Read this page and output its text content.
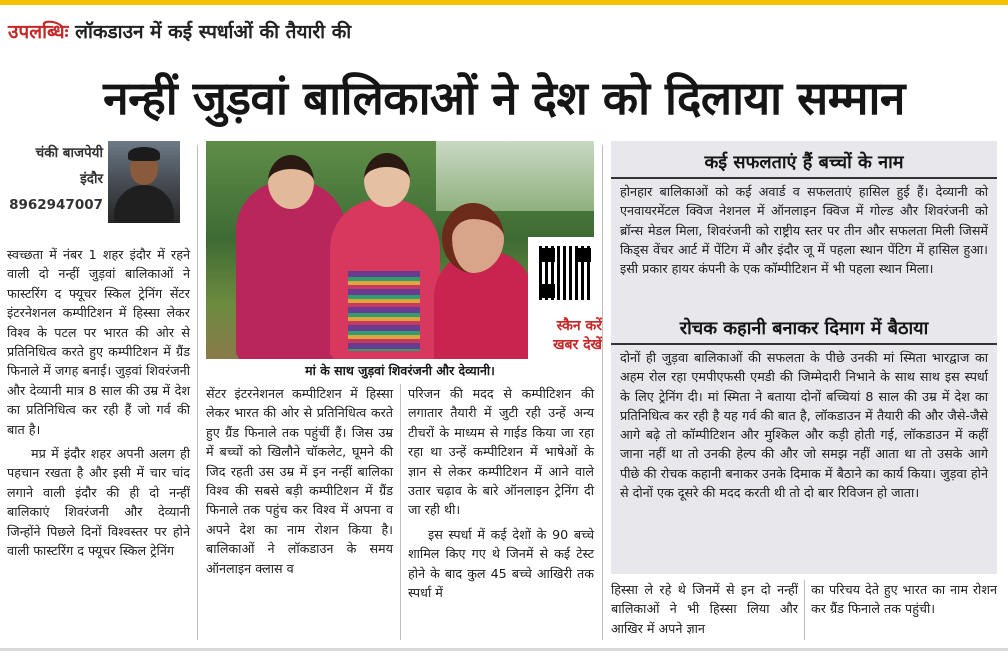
उपलब्धिः लॉकडाउन में कई स्पर्धाओं की तैयारी की
नन्हीं जुड़वां बालिकाओं ने देश को दिलाया सम्मान
चंकी बाजपेयी
इंदौर
8962947007

स्वच्छता में नंबर 1 शहर इंदौर में रहने वाली दो नन्हीं जुड़वां बालिकाओं ने फास्टरिंग द फ्यूचर स्किल ट्रेनिंग सेंटर इंटरनेशनल कम्पीटिशन में हिस्सा लेकर विश्व के पटल पर भारत की ओर से प्रतिनिधित्व करते हुए कम्पीटिशन में ग्रैंड फिनाले में जगह बनाई। जुड़वां शिवरंजनी और देव्यानी मात्र 8 साल की उम्र में देश का प्रतिनिधित्व कर रही हैं जो गर्व की बात है।

मप्र में इंदौर शहर अपनी अलग ही पहचान रखता है और इसी में चार चांद लगाने वाली इंदौर की ही दो नन्हीं बालिकाएं शिवरंजनी और देव्यानी जिन्होंने पिछले दिनों विश्वस्तर पर होने वाली फास्टरिंग द फ्यूचर स्किल ट्रेनिंग

स्कैन करें
खबर देखें
मां के साथ जुड़वां शिवरंजनी और देव्यानी।

सेंटर इंटरनेशनल कम्पीटिशन में हिस्सा लेकर भारत की ओर से प्रतिनिधित्व करते हुए ग्रैंड फिनाले तक पहुंचीं हैं। जिस उम्र में बच्चों को खिलौने चॉकलेट, घूमने की जिद रहती उस उम्र में इन नन्हीं बालिका विश्व की सबसे बड़ी कम्पीटिशन में ग्रैंड फिनाले तक पहुंच कर विश्व में अपना व अपने देश का नाम रोशन किया है। बालिकाओं ने लॉकडाउन के समय ऑनलाइन क्लास व

परिजन की मदद से कम्पीटिशन की लगातार तैयारी में जुटी रही उन्हें अन्य टीचरों के माध्यम से गाईड किया जा रहा रहा था उन्हें कम्पीटिशन में भाषेओं के ज्ञान से लेकर कम्पीटिशन में आने वाले उतार चढ़ाव के बारे ऑनलाइन ट्रेनिंग दी जा रही थी।

इस स्पर्धा में कई देशों के 90 बच्चे शामिल किए गए थे जिनमें से कई टेस्ट होने के बाद कुल 45 बच्चे आखिरी तक स्पर्धा में

कई सफलताएं हैं बच्चों के नाम
होनहार बालिकाओं को कई अवार्ड व सफलताएं हासिल हुई हैं। देव्यानी को एनवायरमेंटल क्विज नेशनल में ऑनलाइन क्विज में गोल्ड और शिवरंजनी को ब्रॉन्स मेडल मिला, शिवरंजनी को राष्ट्रीय स्तर पर तीन और सफलता मिली जिसमें किड्स वेंचर आर्ट में पेंटिग में और इंदौर जू में पहला स्थान पेंटिग में हासिल हुआ। इसी प्रकार हायर कंपनी के एक कॉम्पीटिशन में भी पहला स्थान मिला।
रोचक कहानी बनाकर दिमाग में बैठाया
दोनों ही जुड़वा बालिकाओं की सफलता के पीछे उनकी मां स्मिता भारद्वाज का अहम रोल रहा एमपीएफसी एमडी की जिम्मेदारी निभाने के साथ साथ इस स्पर्धा के लिए ट्रेनिंग दी। मां स्मिता ने बताया दोनों बच्चियां 8 साल की उम्र में देश का प्रतिनिधित्व कर रही है यह गर्व की बात है, लॉकडाउन में तैयारी की और जैसे-जैसे आगे बढ़े तो कॉम्पीटिशन और मुश्किल और कड़ी होती गई, लॉकडाउन में कहीं जाना नहीं था तो उनकी हेल्प की और जो समझ नहीं आता था तो उसके आगे पीछे की रोचक कहानी बनाकर उनके दिमाक में बैठाने का कार्य किया। जुड़वा होने से दोनों एक दूसरे की मदद करती थी तो दो बार रिविजन हो जाता।

हिस्सा ले रहे थे जिनमें से इन दो नन्हीं बालिकाओं ने भी हिस्सा लिया और आखिर में अपने ज्ञान

का परिचय देते हुए भारत का नाम रोशन कर ग्रैंड फिनाले तक पहुंची।
